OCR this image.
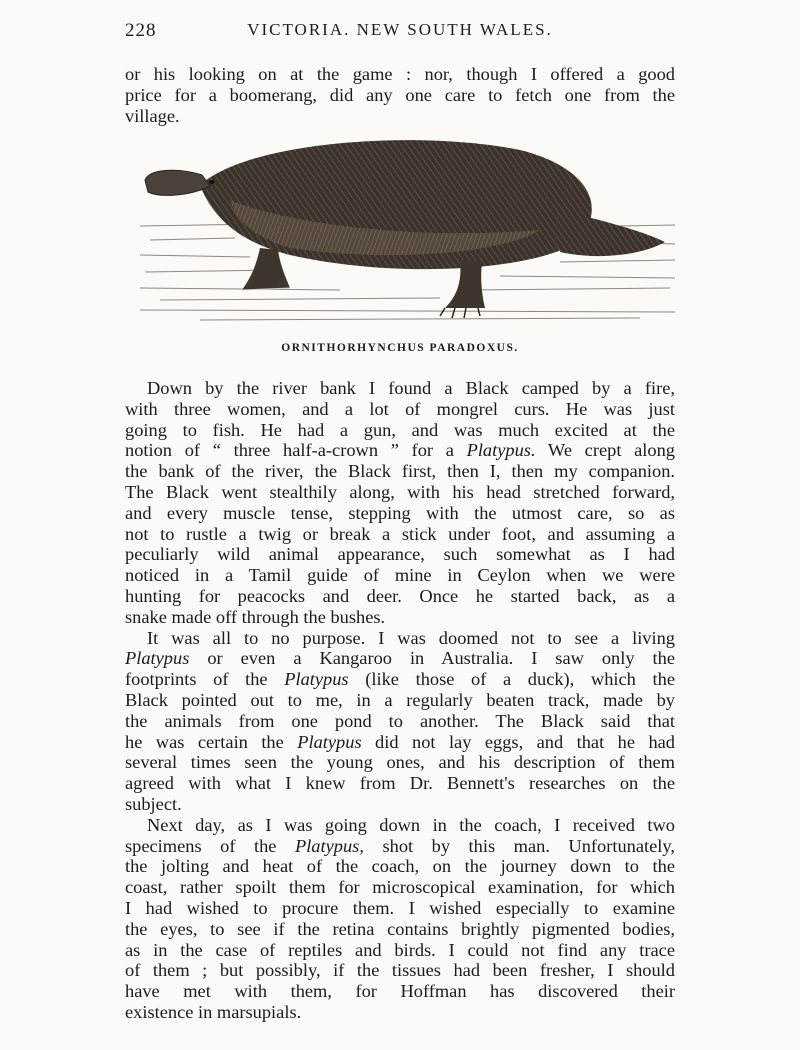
228	VICTORIA. NEW SOUTH WALES.

or his looking on at the game : nor, though I offered a good

price for a boomerang, did any one care to fetch one from the

village.

ORNITHORHYNCHUS PARADOXUS.

Down by the river bank I found a Black camped by a fire,

with three women, and a lot of mongrel curs. He was just

going to fish. He had a gun, and was much excited at the

notion of “ three half-a-crown ” for a Platypus. We crept along

the bank of the river, the Black first, then I, then my companion.

The Black went stealthily along, with his head stretched forward,

and every muscle tense, stepping with the utmost care, so as

not to rustle a twig or break a stick under foot, and assuming a

peculiarly wild animal appearance, such somewhat as I had

noticed in a Tamil guide of mine in Ceylon when we were

hunting for peacocks and deer. Once he started back, as a

snake made off through the bushes.

It was all to no purpose. I was doomed not to see a living

Platypus or even a Kangaroo in Australia. I saw only the

footprints of the Platypus (like those of a duck), which the

Black pointed out to me, in a regularly beaten track, made by

the animals from one pond to another. The Black said that

he was certain the Platypus did not lay eggs, and that he had

several times seen the young ones, and his description of them

agreed with what I knew from Dr. Bennett's researches on the

subject.

Next day, as I was going down in the coach, I received two

specimens of the Platypus, shot by this man. Unfortunately,

the jolting and heat of the coach, on the journey down to the

coast, rather spoilt them for microscopical examination, for which

I had wished to procure them. I wished especially to examine

the eyes, to see if the retina contains brightly pigmented bodies,

as in the case of reptiles and birds. I could not find any trace

of them ; but possibly, if the tissues had been fresher, I should

have met with them, for Hoffman has discovered their

existence in marsupials.
